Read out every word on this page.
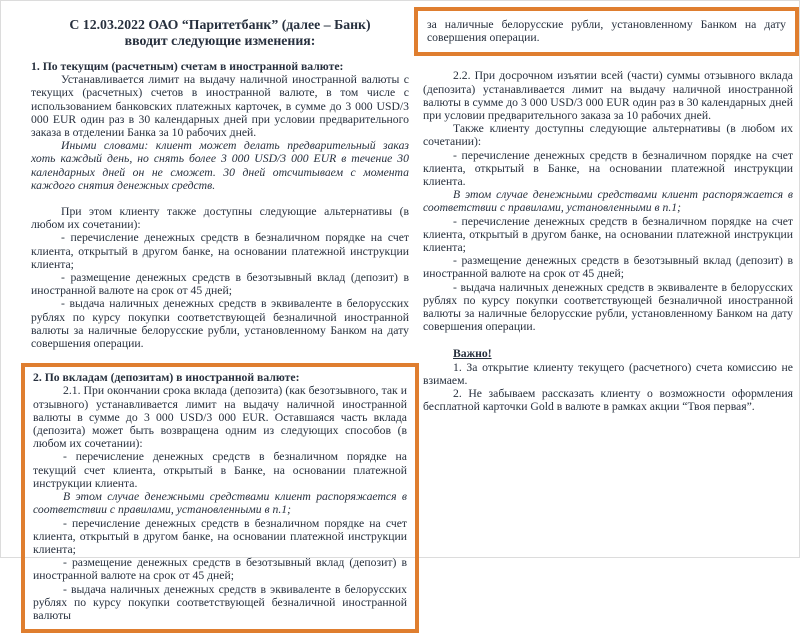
С 12.03.2022 ОАО “Паритетбанк” (далее – Банк) вводит следующие изменения:

1. По текущим (расчетным) счетам в иностранной валюте:

Устанавливается лимит на выдачу наличной иностранной валюты с текущих (расчетных) счетов в иностранной валюте, в том числе с использованием банковских платежных карточек, в сумме до 3 000 USD/3 000 EUR один раз в 30 календарных дней при условии предварительного заказа в отделении Банка за 10 рабочих дней.

Иными словами: клиент может делать предварительный заказ хоть каждый день, но снять более 3 000 USD/3 000 EUR в течение 30 календарных дней он не сможет. 30 дней отсчитываем с момента каждого снятия денежных средств.

При этом клиенту также доступны следующие альтернативы (в любом их сочетании):

- перечисление денежных средств в безналичном порядке на счет клиента, открытый в другом банке, на основании платежной инструкции клиента;

- размещение денежных средств в безотзывный вклад (депозит) в иностранной валюте на срок от 45 дней;

- выдача наличных денежных средств в эквиваленте в белорусских рублях по курсу покупки соответствующей безналичной иностранной валюты за наличные белорусские рубли, установленному Банком на дату совершения операции.

2. По вкладам (депозитам) в иностранной валюте:

2.1. При окончании срока вклада (депозита) (как безотзывного, так и отзывного) устанавливается лимит на выдачу наличной иностранной валюты в сумме до 3 000 USD/3 000 EUR. Оставшаяся часть вклада (депозита) может быть возвращена одним из следующих способов (в любом их сочетании):

- перечисление денежных средств в безналичном порядке на текущий счет клиента, открытый в Банке, на основании платежной инструкции клиента.

В этом случае денежными средствами клиент распоряжается в соответствии с правилами, установленными в п.1;

- перечисление денежных средств в безналичном порядке на счет клиента, открытый в другом банке, на основании платежной инструкции клиента;

- размещение денежных средств в безотзывный вклад (депозит) в иностранной валюте на срок от 45 дней;

- выдача наличных денежных средств в эквиваленте в белорусских рублях по курсу покупки соответствующей безналичной иностранной валюты

за наличные белорусские рубли, установленному Банком на дату совершения операции.

2.2. При досрочном изъятии всей (части) суммы отзывного вклада (депозита) устанавливается лимит на выдачу наличной иностранной валюты в сумме до 3 000 USD/3 000 EUR один раз в 30 календарных дней при условии предварительного заказа за 10 рабочих дней.

Также клиенту доступны следующие альтернативы (в любом их сочетании):

- перечисление денежных средств в безналичном порядке на счет клиента, открытый в Банке, на основании платежной инструкции клиента.

В этом случае денежными средствами клиент распоряжается в соответствии с правилами, установленными в п.1;

- перечисление денежных средств в безналичном порядке на счет клиента, открытый в другом банке, на основании платежной инструкции клиента;

- размещение денежных средств в безотзывный вклад (депозит) в иностранной валюте на срок от 45 дней;

- выдача наличных денежных средств в эквиваленте в белорусских рублях по курсу покупки соответствующей безналичной иностранной валюты за наличные белорусские рубли, установленному Банком на дату совершения операции.

Важно!

1. За открытие клиенту текущего (расчетного) счета комиссию не взимаем.

2. Не забываем рассказать клиенту о возможности оформления бесплатной карточки Gold в валюте в рамках акции “Твоя первая”.
